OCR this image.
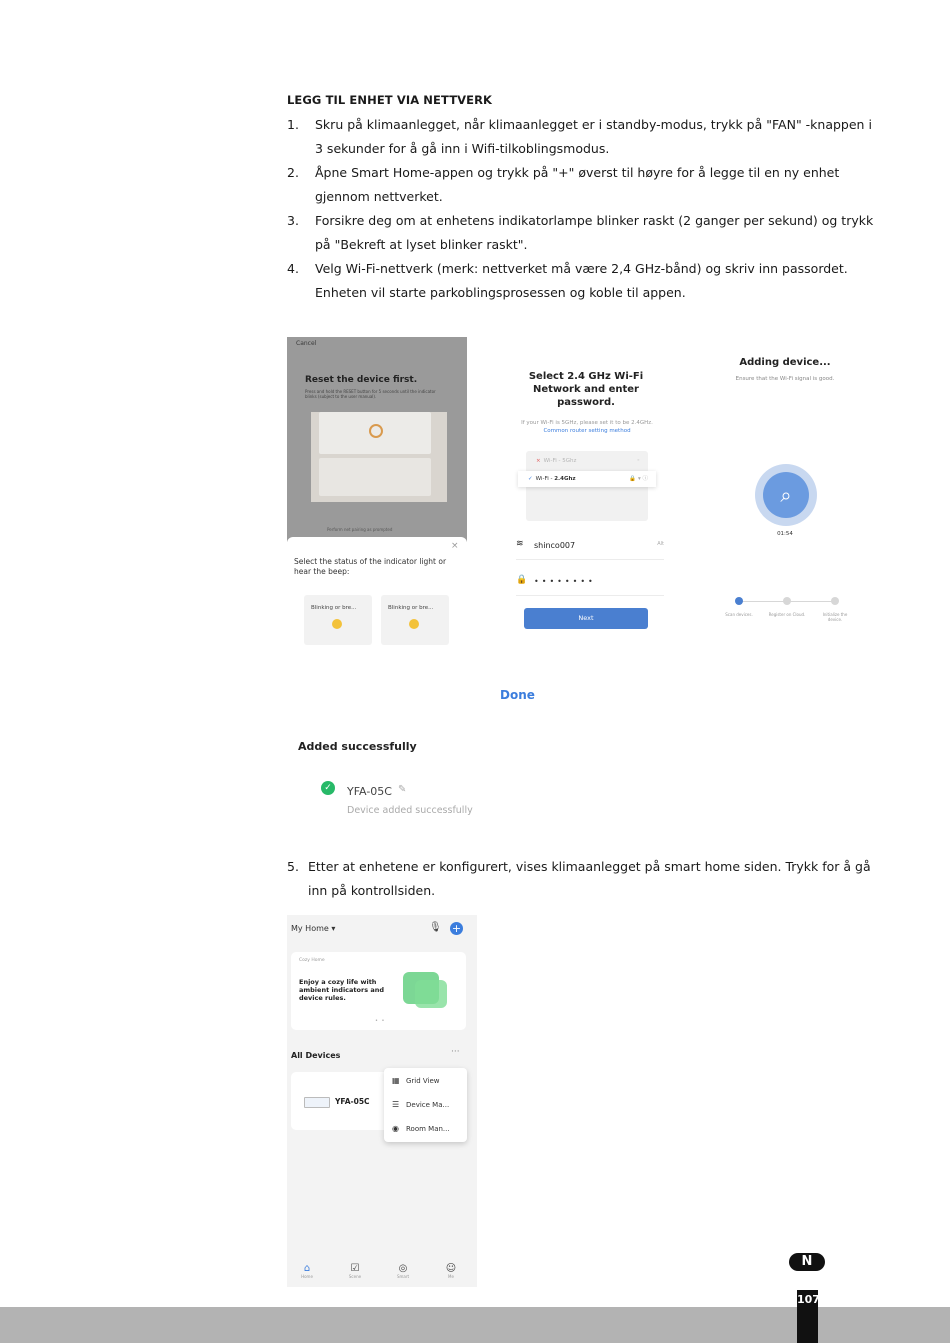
LEGG TIL ENHET VIA NETTVERK
1. Skru på klimaanlegget, når klimaanlegget er i standby-modus, trykk på "FAN" -knappen i 3 sekunder for å gå inn i Wifi-tilkoblingsmodus.
2. Åpne Smart Home-appen og trykk på "+" øverst til høyre for å legge til en ny enhet gjennom nettverket.
3. Forsikre deg om at enhetens indikatorlampe blinker raskt (2 ganger per sekund) og trykk på "Bekreft at lyset blinker raskt".
4. Velg Wi-Fi-nettverk (merk: nettverket må være 2,4 GHz-bånd) og skriv inn passordet. Enheten vil starte parkoblingsprosessen og koble til appen.
Cancel
Reset the device first.
Press and hold the RESET button for 5 seconds until the indicator blinks (subject to the user manual).
Perform net pairing as prompted
×
Select the status of the indicator light or hear the beep:
Blinking or bre...	Blinking or bre...
Select 2.4 GHz Wi-Fi Network and enter password.
If your Wi-Fi is 5GHz, please set it to be 2.4GHz. Common router setting method
× Wi-Fi - 5Ghz	◦
✓ Wi-Fi - 2.4Ghz	🔒 ▾ ⓘ
≋ shinco007	Alt
🔒 ••••••••
Next
Adding device...
Ensure that the Wi-Fi signal is good.
⌕
01:54
Scan devices.	Register on Cloud.	Initialize the device.
Done
Added successfully
✓ YFA-05C ✎
Device added successfully
5. Etter at enhetene er konfigurert, vises klimaanlegget på smart home siden. Trykk for å gå inn på kontrollsiden.
My Home ▾	🎙 +
Cozy Home
Enjoy a cozy life with ambient indicators and device rules.
• •
All Devices	···
YFA-05C
▦ Grid View
☰ Device Ma...
◉ Room Man...
⌂
Home
☑
Scene
◎
Smart
☺
Me
N
107
